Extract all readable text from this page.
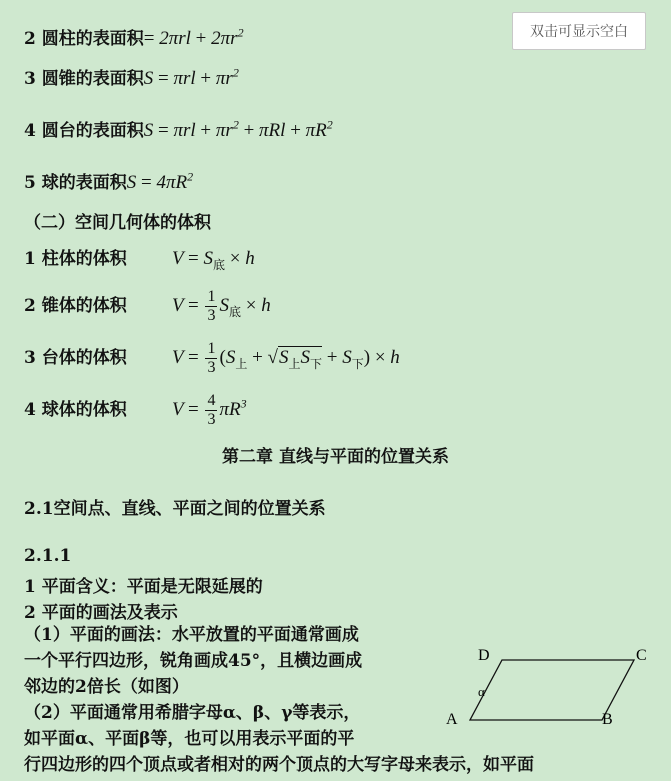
双击可显示空白
2 圆柱的表面积= $2\pi rl + 2\pi r^2$
3 圆锥的表面积$S = \pi rl + \pi r^2$
4 圆台的表面积$S = \pi rl + \pi r^2 + \pi Rl + \pi R^2$
5 球的表面积$S = 4\pi R^2$
（二）空间几何体的体积
1 柱体的体积 $V = S_底 \times h$
2 锥体的体积 $V = \frac{1}{3} S_底 \times h$
3 台体的体积 $V = \frac{1}{3} (S_上 + √S_上S_下 + S_下) \times h$
4 球体的体积 $V = \frac{4}{3} \pi R^3$
第二章 直线与平面的位置关系
2.1空间点、直线、平面之间的位置关系
2.1.1
1 平面含义：平面是无限延展的
2 平面的画法及表示
（1）平面的画法：水平放置的平面通常画成
一个平行四边形，锐角画成45°，且横边画成
邻边的2倍长（如图）
（2）平面通常用希腊字母α、β、γ等表示，
如平面α、平面β等，也可以用表示平面的平
行四边形的四个顶点或者相对的两个顶点的大写字母来表示，如平面
D	C
A	B
α
